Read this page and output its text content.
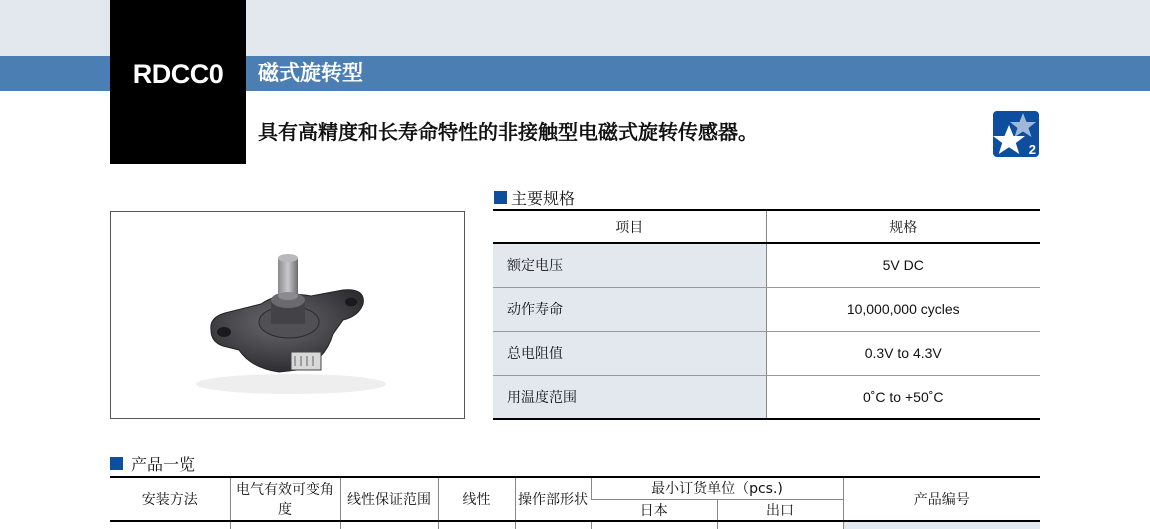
RDCC0	磁式旋转型
具有高精度和长寿命特性的非接触型电磁式旋转传感器。
2
主要规格
项目	规格
额定电压	5V DC
动作寿命	10,000,000 cycles
总电阻值	0.3V to 4.3V
用温度范围	0˚C to +50˚C
产品一览
安装方法	电气有效可变角度	线性保证范围	线性	操作部形状	最小订货单位（pcs.)		产品编号
					日本	出口	
